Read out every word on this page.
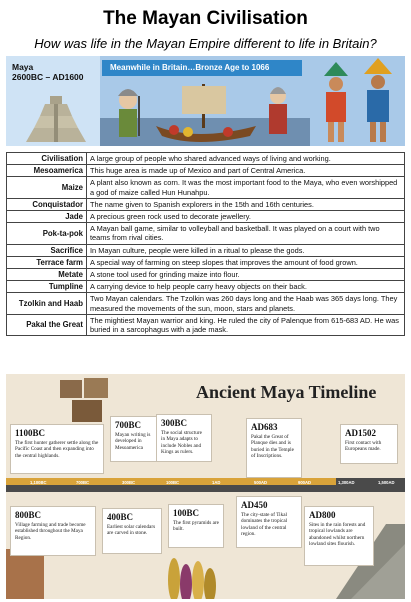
The Mayan Civilisation
How was life in the Mayan Empire different to life in Britain?
Maya
2600BC – AD1600
Meanwhile in Britain…Bronze Age to 1066
Civilisation	A large group of people who shared advanced ways of living and working.
Mesoamerica	This huge area is made up of Mexico and part of Central America.
Maize	A plant also known as corn. It was the most important food to the Maya, who even worshipped a god of maize called Hun Hunahpu.
Conquistador	The name given to Spanish explorers in the 15th and 16th centuries.
Jade	A precious green rock used to decorate jewellery.
Pok-ta-pok	A Mayan ball game, similar to volleyball and basketball. It was played on a court with two teams from rival cities.
Sacrifice	In Mayan culture, people were killed in a ritual to please the gods.
Terrace farm	A special way of farming on steep slopes that improves the amount of food grown.
Metate	A stone tool used for grinding maize into flour.
Tumpline	A carrying device to help people carry heavy objects on their back.
Tzolkin and Haab	Two Mayan calendars. The Tzolkin was 260 days long and the Haab was 365 days long. They measured the movements of the sun, moon, stars and planets.
Pakal the Great	The mightiest Mayan warrior and king. He ruled the city of Palenque from 615-683 AD. He was buried in a sarcophagus with a jade mask.
Ancient Maya Timeline
1,100BC	700BC	300BC	100BC	1AD	500AD	900AD	1,300AD	1,500AD
1100BC
The first hunter gatherer settle along the Pacific Coast and then expanding into the central highlands.
700BC
Mayan writing is developed in Mesoamerica
300BC
The social structure in Maya adapts to include Nobles and Kings as rulers.
AD683
Pakal the Great of Planque dies and is buried in the Temple of Inscriptions.
AD1502
First contact with Europeans made.
800BC
Village farming and trade become established throughout the Maya Region.
400BC
Earliest solar calendars are carved in stone.
100BC
The first pyramids are built.
AD450
The city-state of Tikal dominates the tropical lowland of the central region.
AD800
Sites in the rain forests and tropical lowlands are abandoned whilst northern lowland sites flourish.
